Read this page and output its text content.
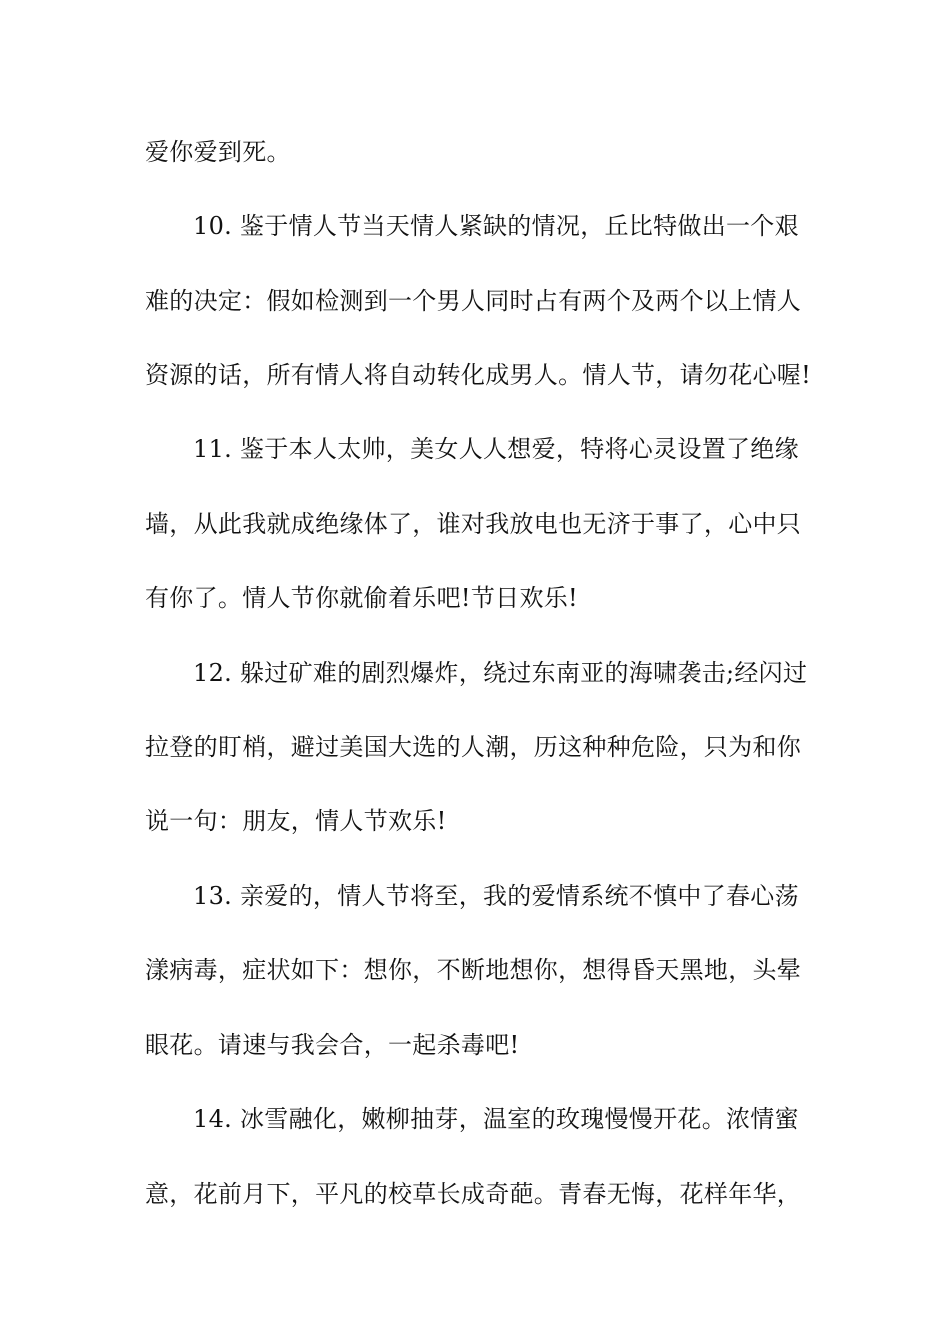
爱你爱到死。
10. 鉴于情人节当天情人紧缺的情况，丘比特做出一个艰
难的决定：假如检测到一个男人同时占有两个及两个以上情人
资源的话，所有情人将自动转化成男人。情人节，请勿花心喔!
11. 鉴于本人太帅，美女人人想爱，特将心灵设置了绝缘
墙，从此我就成绝缘体了，谁对我放电也无济于事了，心中只
有你了。情人节你就偷着乐吧!节日欢乐!
12. 躲过矿难的剧烈爆炸，绕过东南亚的海啸袭击;经闪过
拉登的盯梢，避过美国大选的人潮，历这种种危险，只为和你
说一句：朋友，情人节欢乐!
13. 亲爱的，情人节将至，我的爱情系统不慎中了春心荡
漾病毒，症状如下：想你，不断地想你，想得昏天黑地，头晕
眼花。请速与我会合，一起杀毒吧!
14. 冰雪融化，嫩柳抽芽，温室的玫瑰慢慢开花。浓情蜜
意，花前月下，平凡的校草长成奇葩。青春无悔，花样年华，
